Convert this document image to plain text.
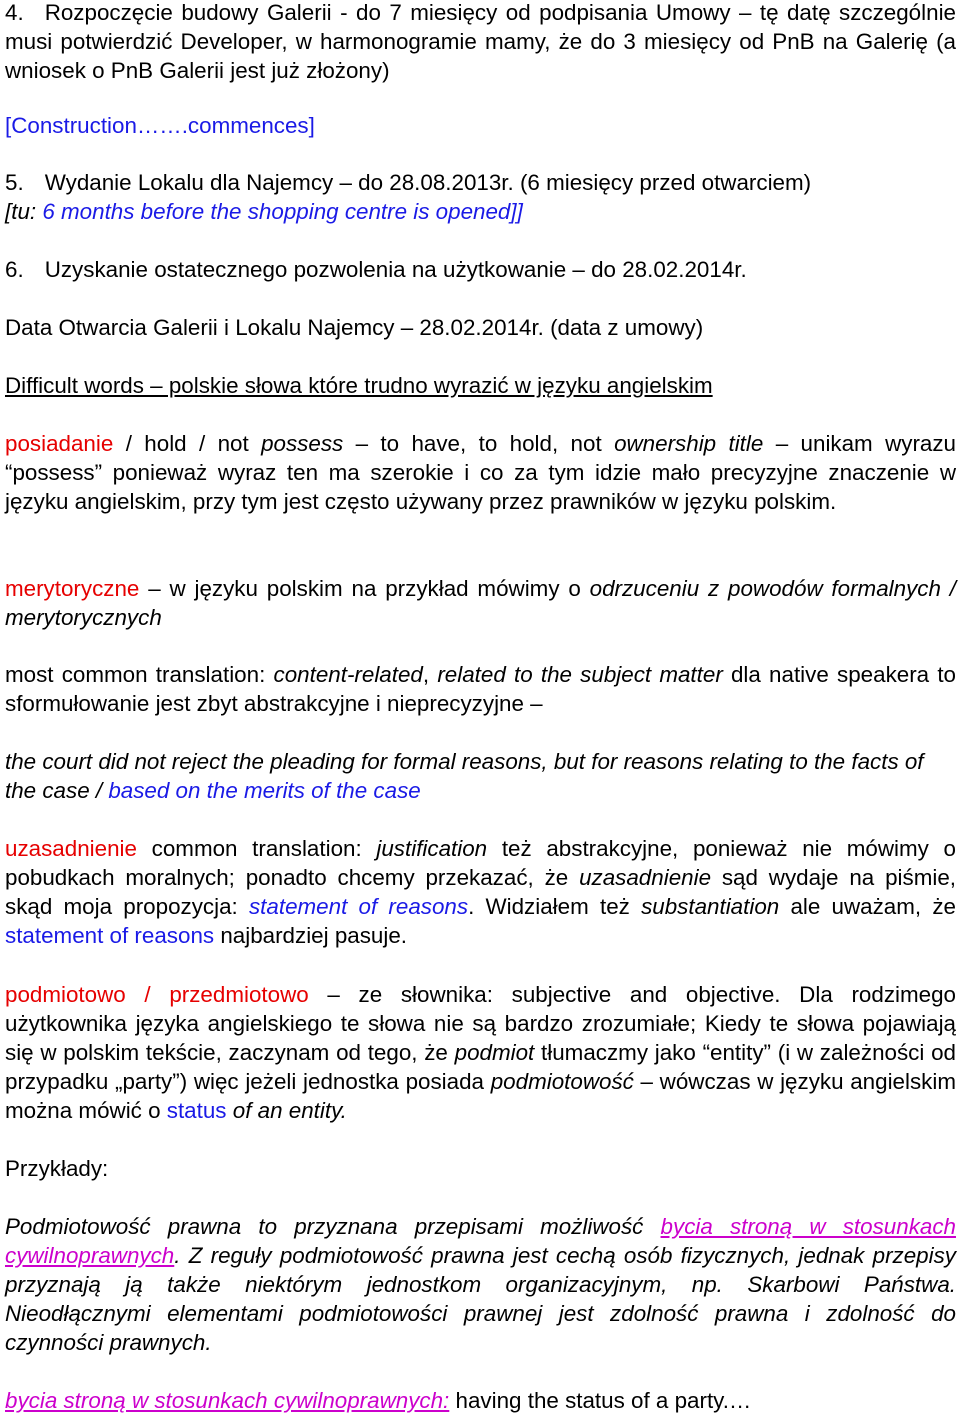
4. Rozpoczęcie budowy Galerii - do 7 miesięcy od podpisania Umowy – tę datę szczególnie musi potwierdzić Developer, w harmonogramie mamy, że do 3 miesięcy od PnB na Galerię (a wniosek o PnB Galerii jest już złożony)

[Construction…….commences]

5. Wydanie Lokalu dla Najemcy – do 28.08.2013r. (6 miesięcy przed otwarciem)
[tu: 6 months before the shopping centre is opened]]

6. Uzyskanie ostatecznego pozwolenia na użytkowanie – do 28.02.2014r.

Data Otwarcia Galerii i Lokalu Najemcy – 28.02.2014r. (data z umowy)

Difficult words – polskie słowa które trudno wyrazić w języku angielskim

posiadanie / hold / not possess – to have, to hold, not ownership title – unikam wyrazu “possess” ponieważ wyraz ten ma szerokie i co za tym idzie mało precyzyjne znaczenie w języku angielskim, przy tym jest często używany przez prawników w języku polskim.

merytoryczne – w języku polskim na przykład mówimy o odrzuceniu z powodów formalnych / merytorycznych

most common translation: content-related, related to the subject matter dla native speakera to sformułowanie jest zbyt abstrakcyjne i nieprecyzyjne –

the court did not reject the pleading for formal reasons, but for reasons relating to the facts of the case / based on the merits of the case

uzasadnienie common translation: justification też abstrakcyjne, ponieważ nie mówimy o pobudkach moralnych; ponadto chcemy przekazać, że uzasadnienie sąd wydaje na piśmie, skąd moja propozycja: statement of reasons. Widziałem też substantiation ale uważam, że statement of reasons najbardziej pasuje.

podmiotowo / przedmiotowo – ze słownika: subjective and objective. Dla rodzimego użytkownika języka angielskiego te słowa nie są bardzo zrozumiałe; Kiedy te słowa pojawiają się w polskim tekście, zaczynam od tego, że podmiot tłumaczmy jako “entity” (i w zależności od przypadku „party”) więc jeżeli jednostka posiada podmiotowość – wówczas w języku angielskim można mówić o status of an entity.

Przykłady:

Podmiotowość prawna to przyznana przepisami możliwość bycia stroną w stosunkach cywilnoprawnych. Z reguły podmiotowość prawna jest cechą osób fizycznych, jednak przepisy przyznają ją także niektórym jednostkom organizacyjnym, np. Skarbowi Państwa. Nieodłącznymi elementami podmiotowości prawnej jest zdolność prawna i zdolność do czynności prawnych.

bycia stroną w stosunkach cywilnoprawnych: having the status of a party.…
